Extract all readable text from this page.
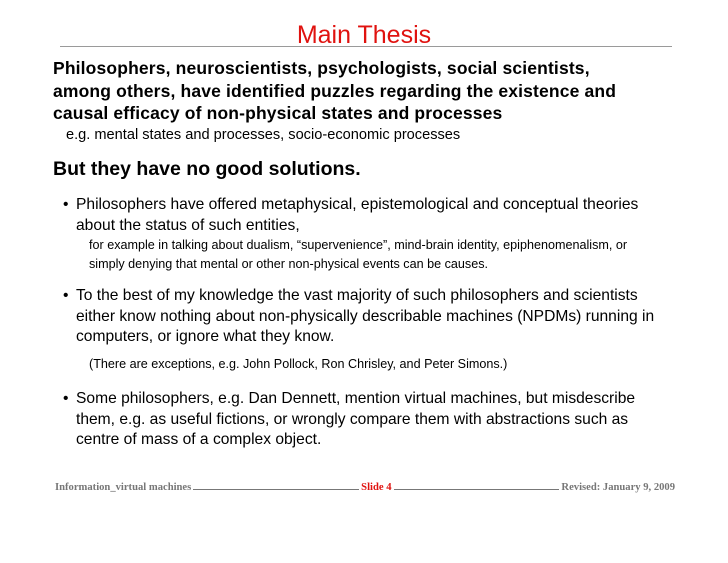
Main Thesis
Philosophers, neuroscientists, psychologists, social scientists,
among others, have identified puzzles regarding the existence and
causal efficacy of non-physical states and processes
e.g. mental states and processes, socio-economic processes
But they have no good solutions.
• Philosophers have offered metaphysical, epistemological and conceptual theories
about the status of such entities,
for example in talking about dualism, “supervenience”, mind-brain identity, epiphenomenalism, or
simply denying that mental or other non-physical events can be causes.
• To the best of my knowledge the vast majority of such philosophers and scientists
either know nothing about non-physically describable machines (NPDMs) running in
computers, or ignore what they know.
(There are exceptions, e.g. John Pollock, Ron Chrisley, and Peter Simons.)
• Some philosophers, e.g. Dan Dennett, mention virtual machines, but misdescribe
them, e.g. as useful fictions, or wrongly compare them with abstractions such as
centre of mass of a complex object.
Information_virtual machines	Slide 4	Revised: January 9, 2009
